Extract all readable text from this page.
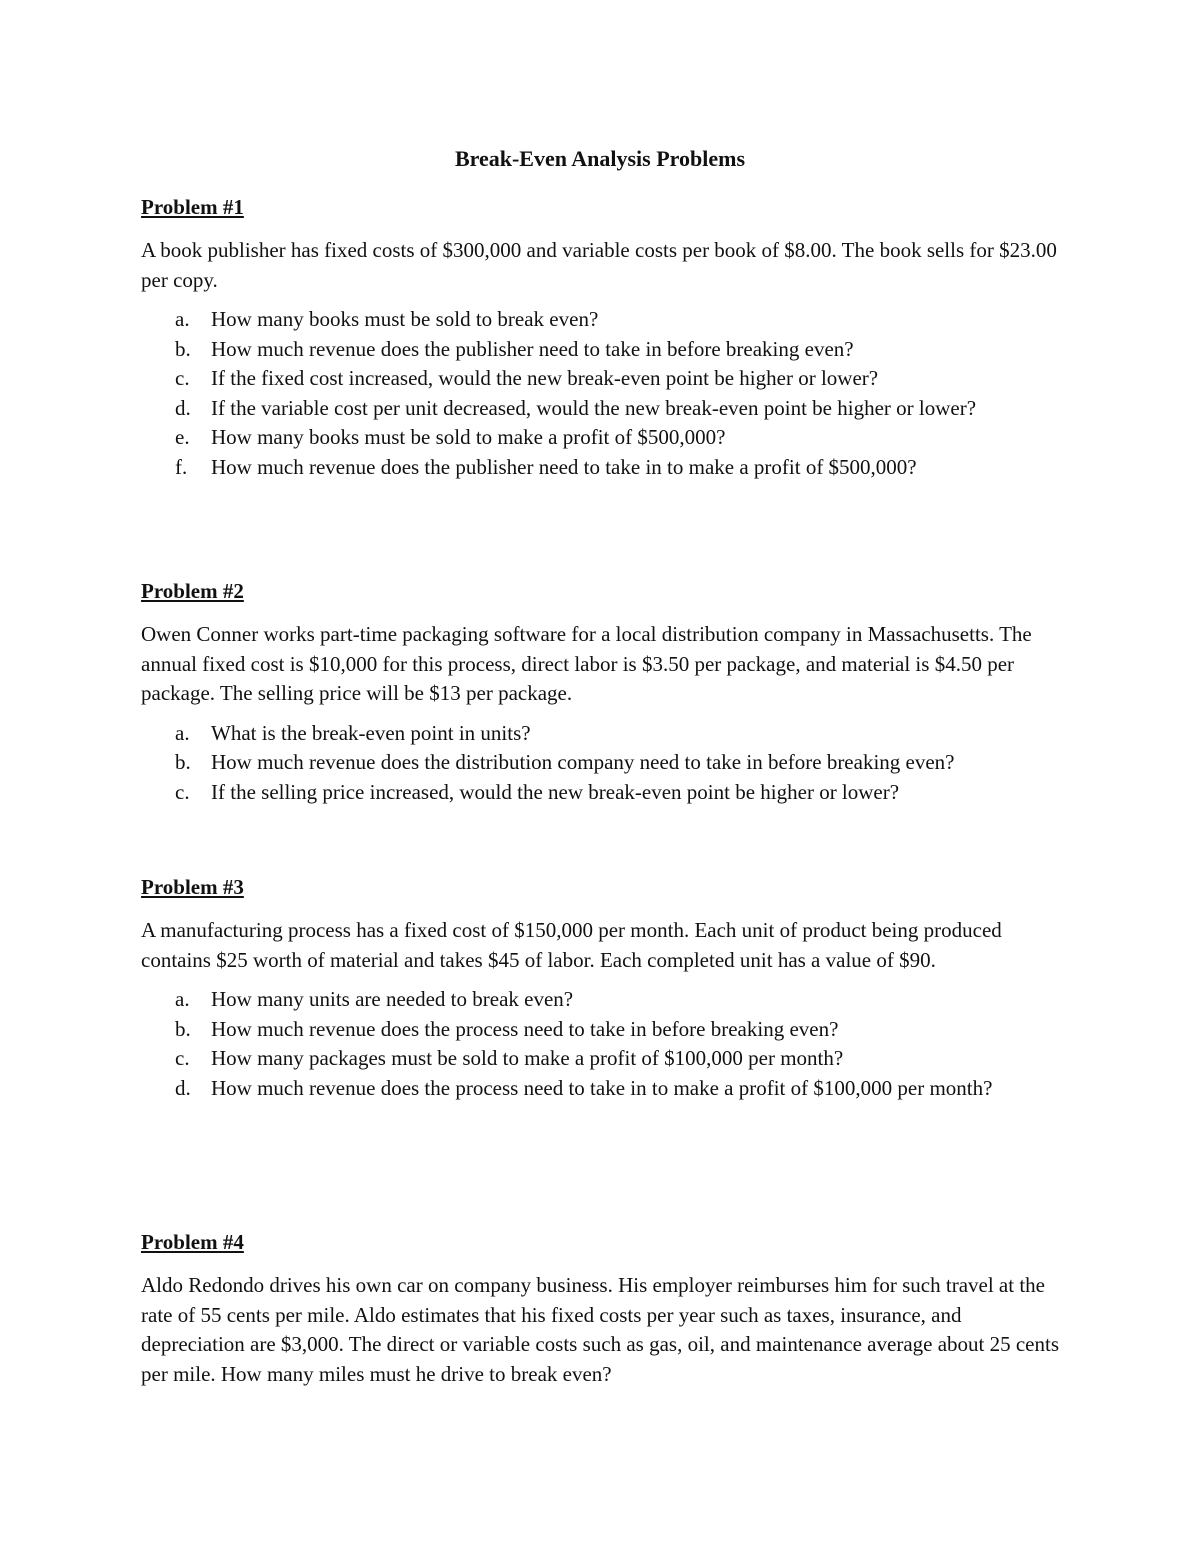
Break-Even Analysis Problems

Problem #1

A book publisher has fixed costs of $300,000 and variable costs per book of $8.00. The book sells for $23.00 per copy.

a. How many books must be sold to break even?
b. How much revenue does the publisher need to take in before breaking even?
c. If the fixed cost increased, would the new break-even point be higher or lower?
d. If the variable cost per unit decreased, would the new break-even point be higher or lower?
e. How many books must be sold to make a profit of $500,000?
f. How much revenue does the publisher need to take in to make a profit of $500,000?

Problem #2

Owen Conner works part-time packaging software for a local distribution company in Massachusetts. The annual fixed cost is $10,000 for this process, direct labor is $3.50 per package, and material is $4.50 per package. The selling price will be $13 per package.

a. What is the break-even point in units?
b. How much revenue does the distribution company need to take in before breaking even?
c. If the selling price increased, would the new break-even point be higher or lower?

Problem #3

A manufacturing process has a fixed cost of $150,000 per month. Each unit of product being produced contains $25 worth of material and takes $45 of labor. Each completed unit has a value of $90.

a. How many units are needed to break even?
b. How much revenue does the process need to take in before breaking even?
c. How many packages must be sold to make a profit of $100,000 per month?
d. How much revenue does the process need to take in to make a profit of $100,000 per month?

Problem #4

Aldo Redondo drives his own car on company business. His employer reimburses him for such travel at the rate of 55 cents per mile. Aldo estimates that his fixed costs per year such as taxes, insurance, and depreciation are $3,000. The direct or variable costs such as gas, oil, and maintenance average about 25 cents per mile. How many miles must he drive to break even?
